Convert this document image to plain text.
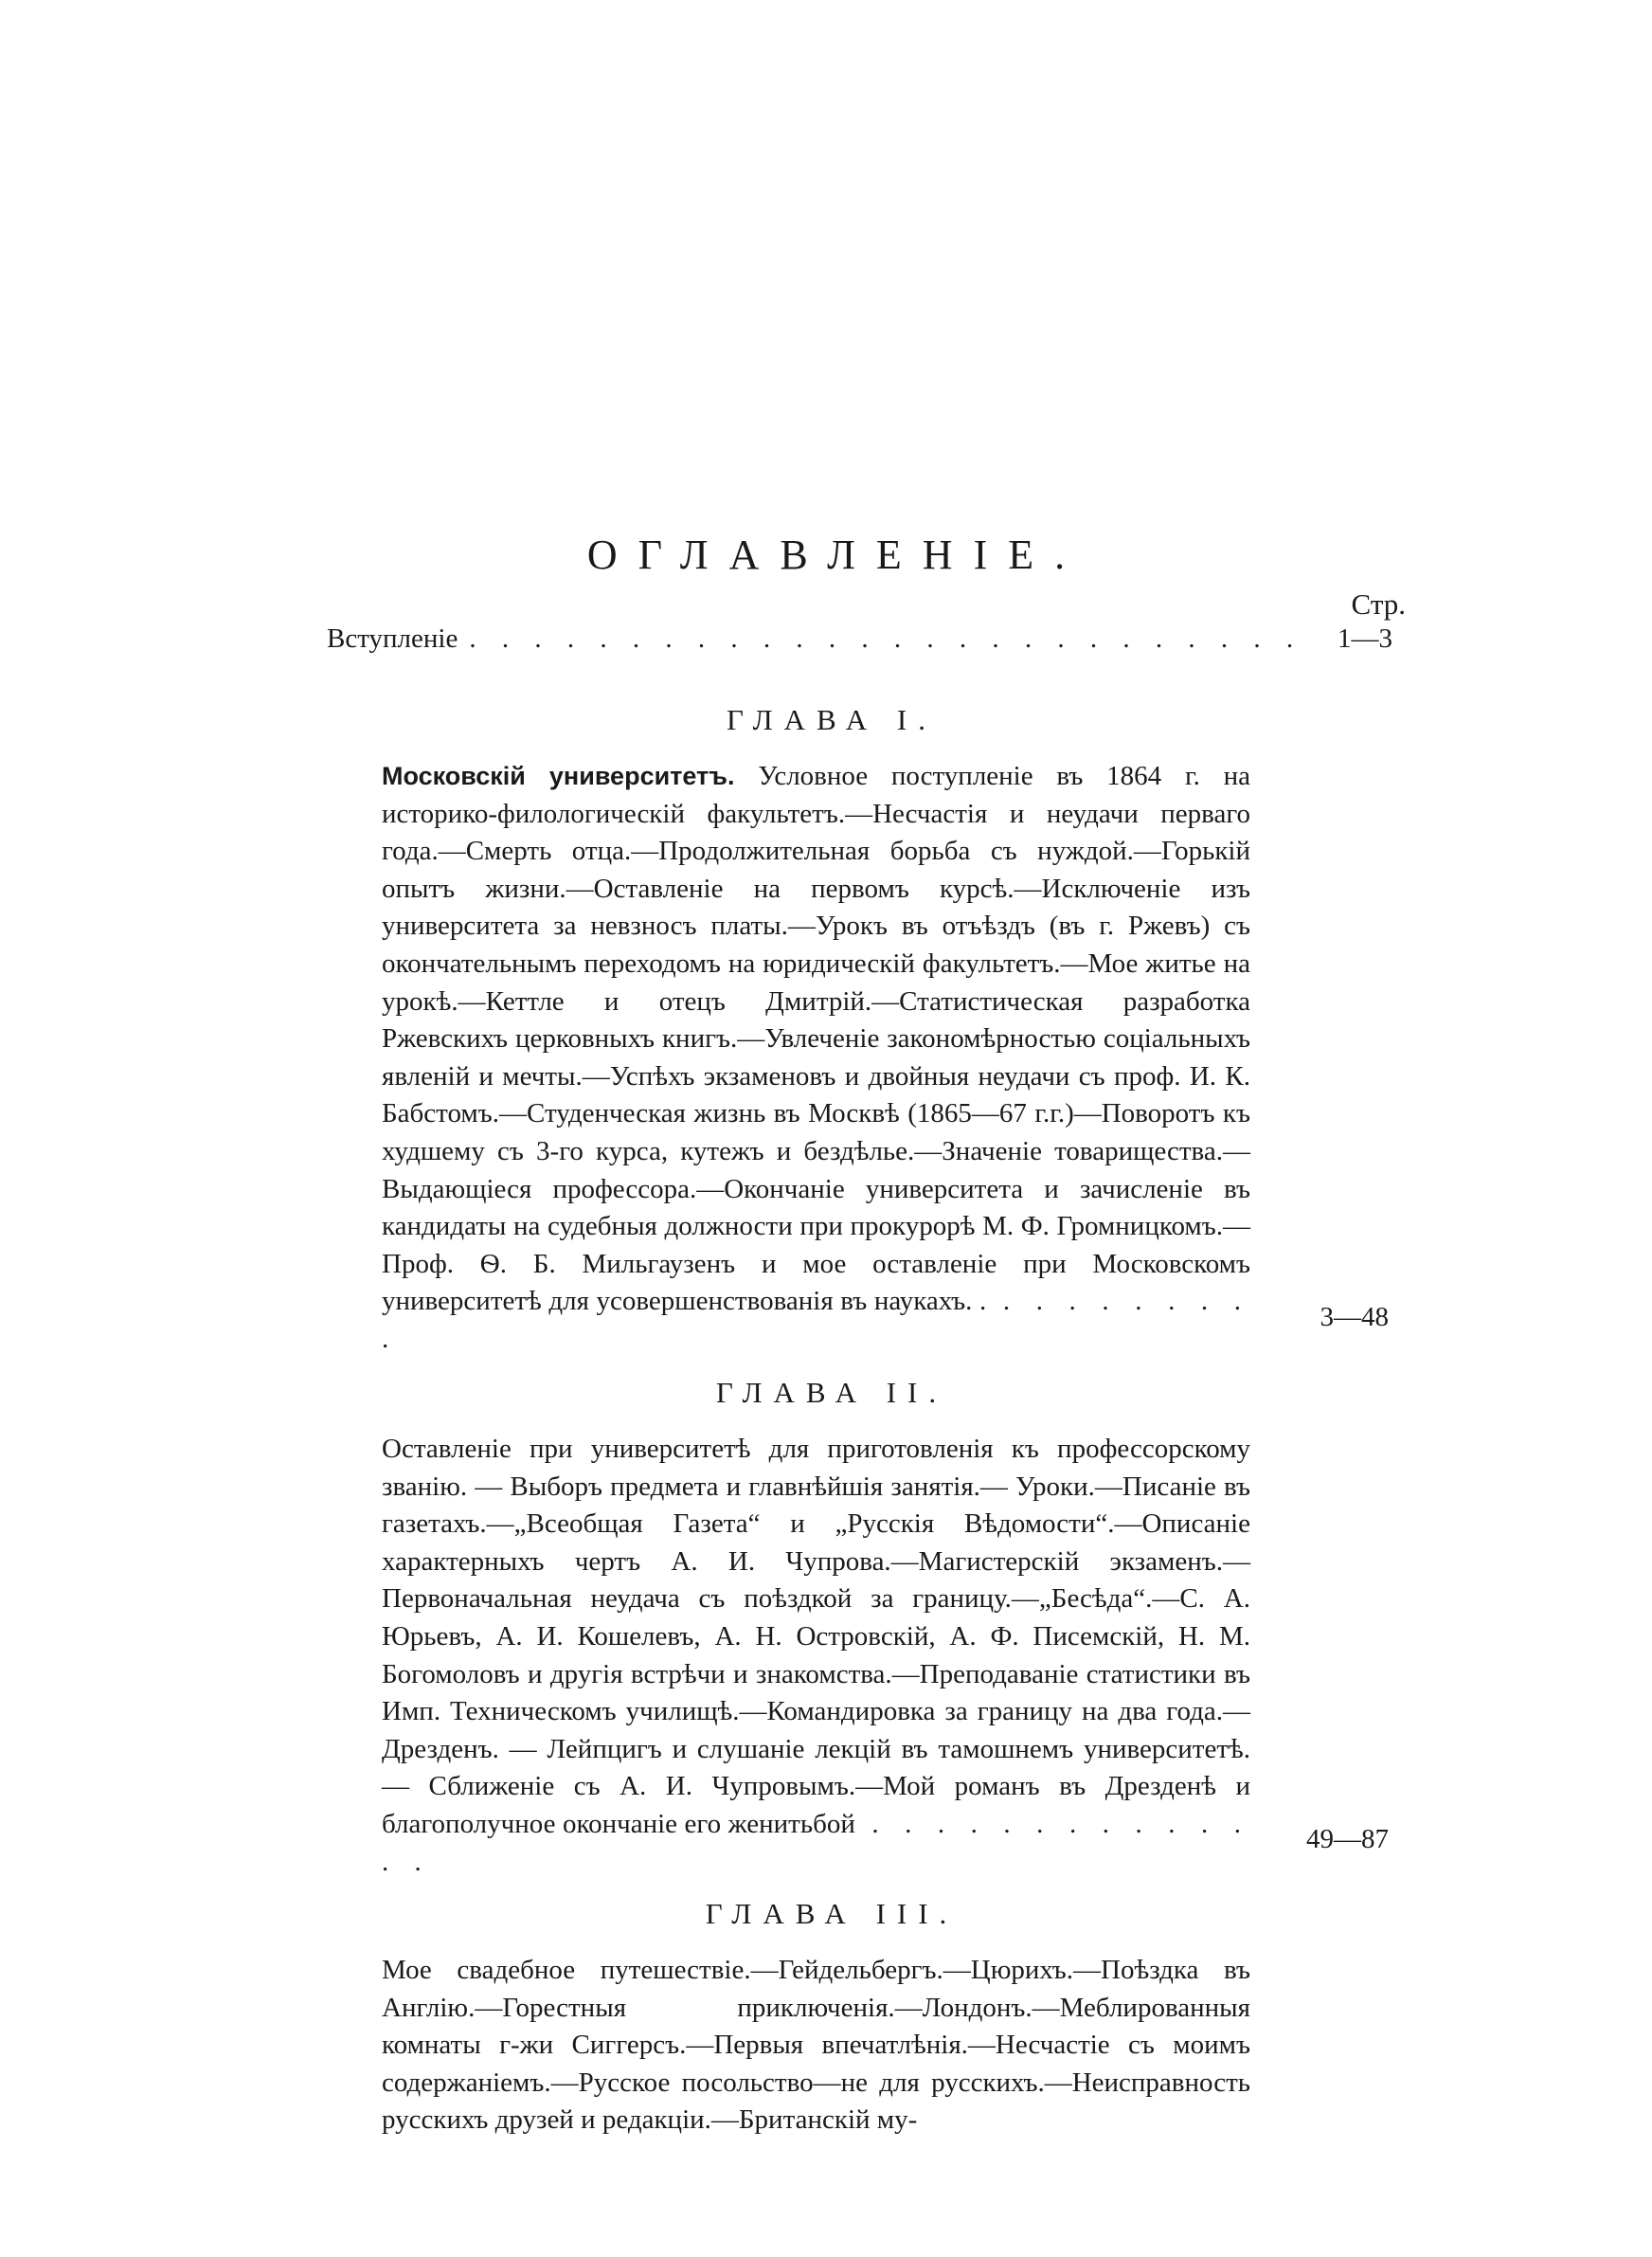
ОГЛАВЛЕНІЕ.
Стр.
Вступленіе . . . . . . . . . . . . . . . . . . . . . . . . . .	1—3
ГЛАВА I.
Московскій университетъ. Условное поступленіе въ 1864 г. на историко-филологическій факультетъ.—Несчастія и неудачи перваго года.—Смерть отца.—Продолжительная борьба съ нуждой.—Горькій опытъ жизни.—Оставленіе на первомъ курсѣ.—Исключеніе изъ университета за невзносъ платы.—Урокъ въ отъѣздъ (въ г. Ржевъ) съ окончательнымъ переходомъ на юридическій факультетъ.—Мое житье на урокѣ.—Кеттле и отецъ Дмитрій.—Статистическая разработка Ржевскихъ церковныхъ книгъ.—Увлеченіе закономѣрностью соціальныхъ явленій и мечты.—Успѣхъ экзаменовъ и двойныя неудачи съ проф. И. К. Бабстомъ.—Студенческая жизнь въ Москвѣ (1865—67 г.г.)—Поворотъ къ худшему съ 3-го курса, кутежъ и бездѣлье.—Значеніе товарищества.—Выдающіеся профессора.—Окончаніе университета и зачисленіе въ кандидаты на судебныя должности при прокурорѣ М. Ф. Громницкомъ.—Проф. Ѳ. Б. Мильгаузенъ и мое оставленіе при Московскомъ университетѣ для усовершенствованія въ наукахъ. . . . . . . . . . .
3—48
ГЛАВА II.
Оставленіе при университетѣ для приготовленія къ профессорскому званію. — Выборъ предмета и главнѣйшія занятія.— Уроки.—Писаніе въ газетахъ.—„Всеобщая Газета“ и „Русскія Вѣдомости“.—Описаніе характерныхъ чертъ А. И. Чупрова.—Магистерскій экзаменъ.—Первоначальная неудача съ поѣздкой за границу.—„Бесѣда“.—С. А. Юрьевъ, А. И. Кошелевъ, А. Н. Островскій, А. Ф. Писемскій, Н. М. Богомоловъ и другія встрѣчи и знакомства.—Преподаваніе статистики въ Имп. Техническомъ училищѣ.—Командировка за границу на два года.—Дрезденъ. — Лейпцигъ и слушаніе лекцій въ тамошнемъ университетѣ.— Сближеніе съ А. И. Чупровымъ.—Мой романъ въ Дрезденѣ и благополучное окончаніе его женитьбой . . . . . . . . . . . . . .
49—87
ГЛАВА III.
Мое свадебное путешествіе.—Гейдельбергъ.—Цюрихъ.—Поѣздка въ Англію.—Горестныя приключенія.—Лондонъ.—Меблированныя комнаты г-жи Сиггерсъ.—Первыя впечатлѣнія.—Несчастіе съ моимъ содержаніемъ.—Русское посольство—не для русскихъ.—Неисправность русскихъ друзей и редакціи.—Британскій му-
